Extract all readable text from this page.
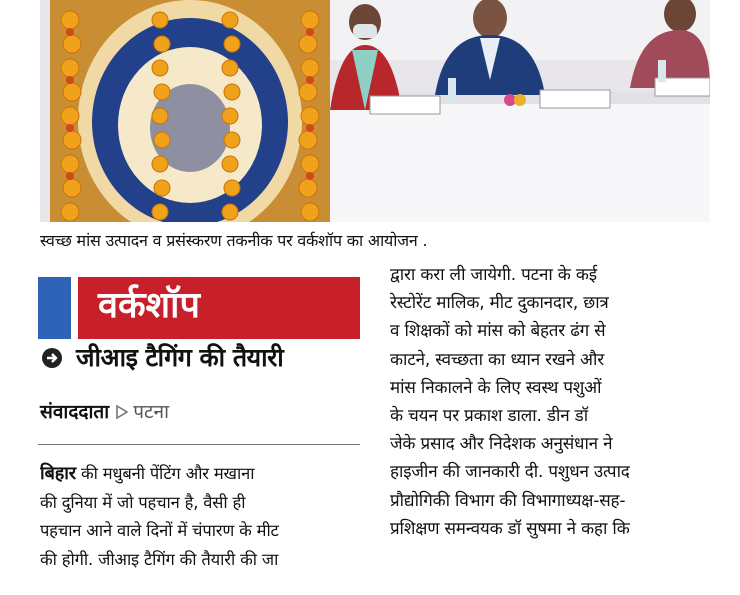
स्वच्छ मांस उत्पादन व प्रसंस्करण तकनीक पर वर्कशॉप का आयोजन .
वर्कशॉप
जीआइ टैगिंग की तैयारी
संवाददाता पटना

बिहार की मधुबनी पेंटिंग और मखाना

की दुनिया में जो पहचान है, वैसी ही

पहचान आने वाले दिनों में चंपारण के मीट

की होगी. जीआइ टैगिंग की तैयारी की जा

द्वारा करा ली जायेगी. पटना के कई

रेस्टोरेंट मालिक, मीट दुकानदार, छात्र

व शिक्षकों को मांस को बेहतर ढंग से

काटने, स्वच्छता का ध्यान रखने और

मांस निकालने के लिए स्वस्थ पशुओं

के चयन पर प्रकाश डाला. डीन डॉ

जेके प्रसाद और निदेशक अनुसंधान ने

हाइजीन की जानकारी दी. पशुधन उत्पाद

प्रौद्योगिकी विभाग की विभागाध्यक्ष-सह-

प्रशिक्षण समन्वयक डॉ सुषमा ने कहा कि
